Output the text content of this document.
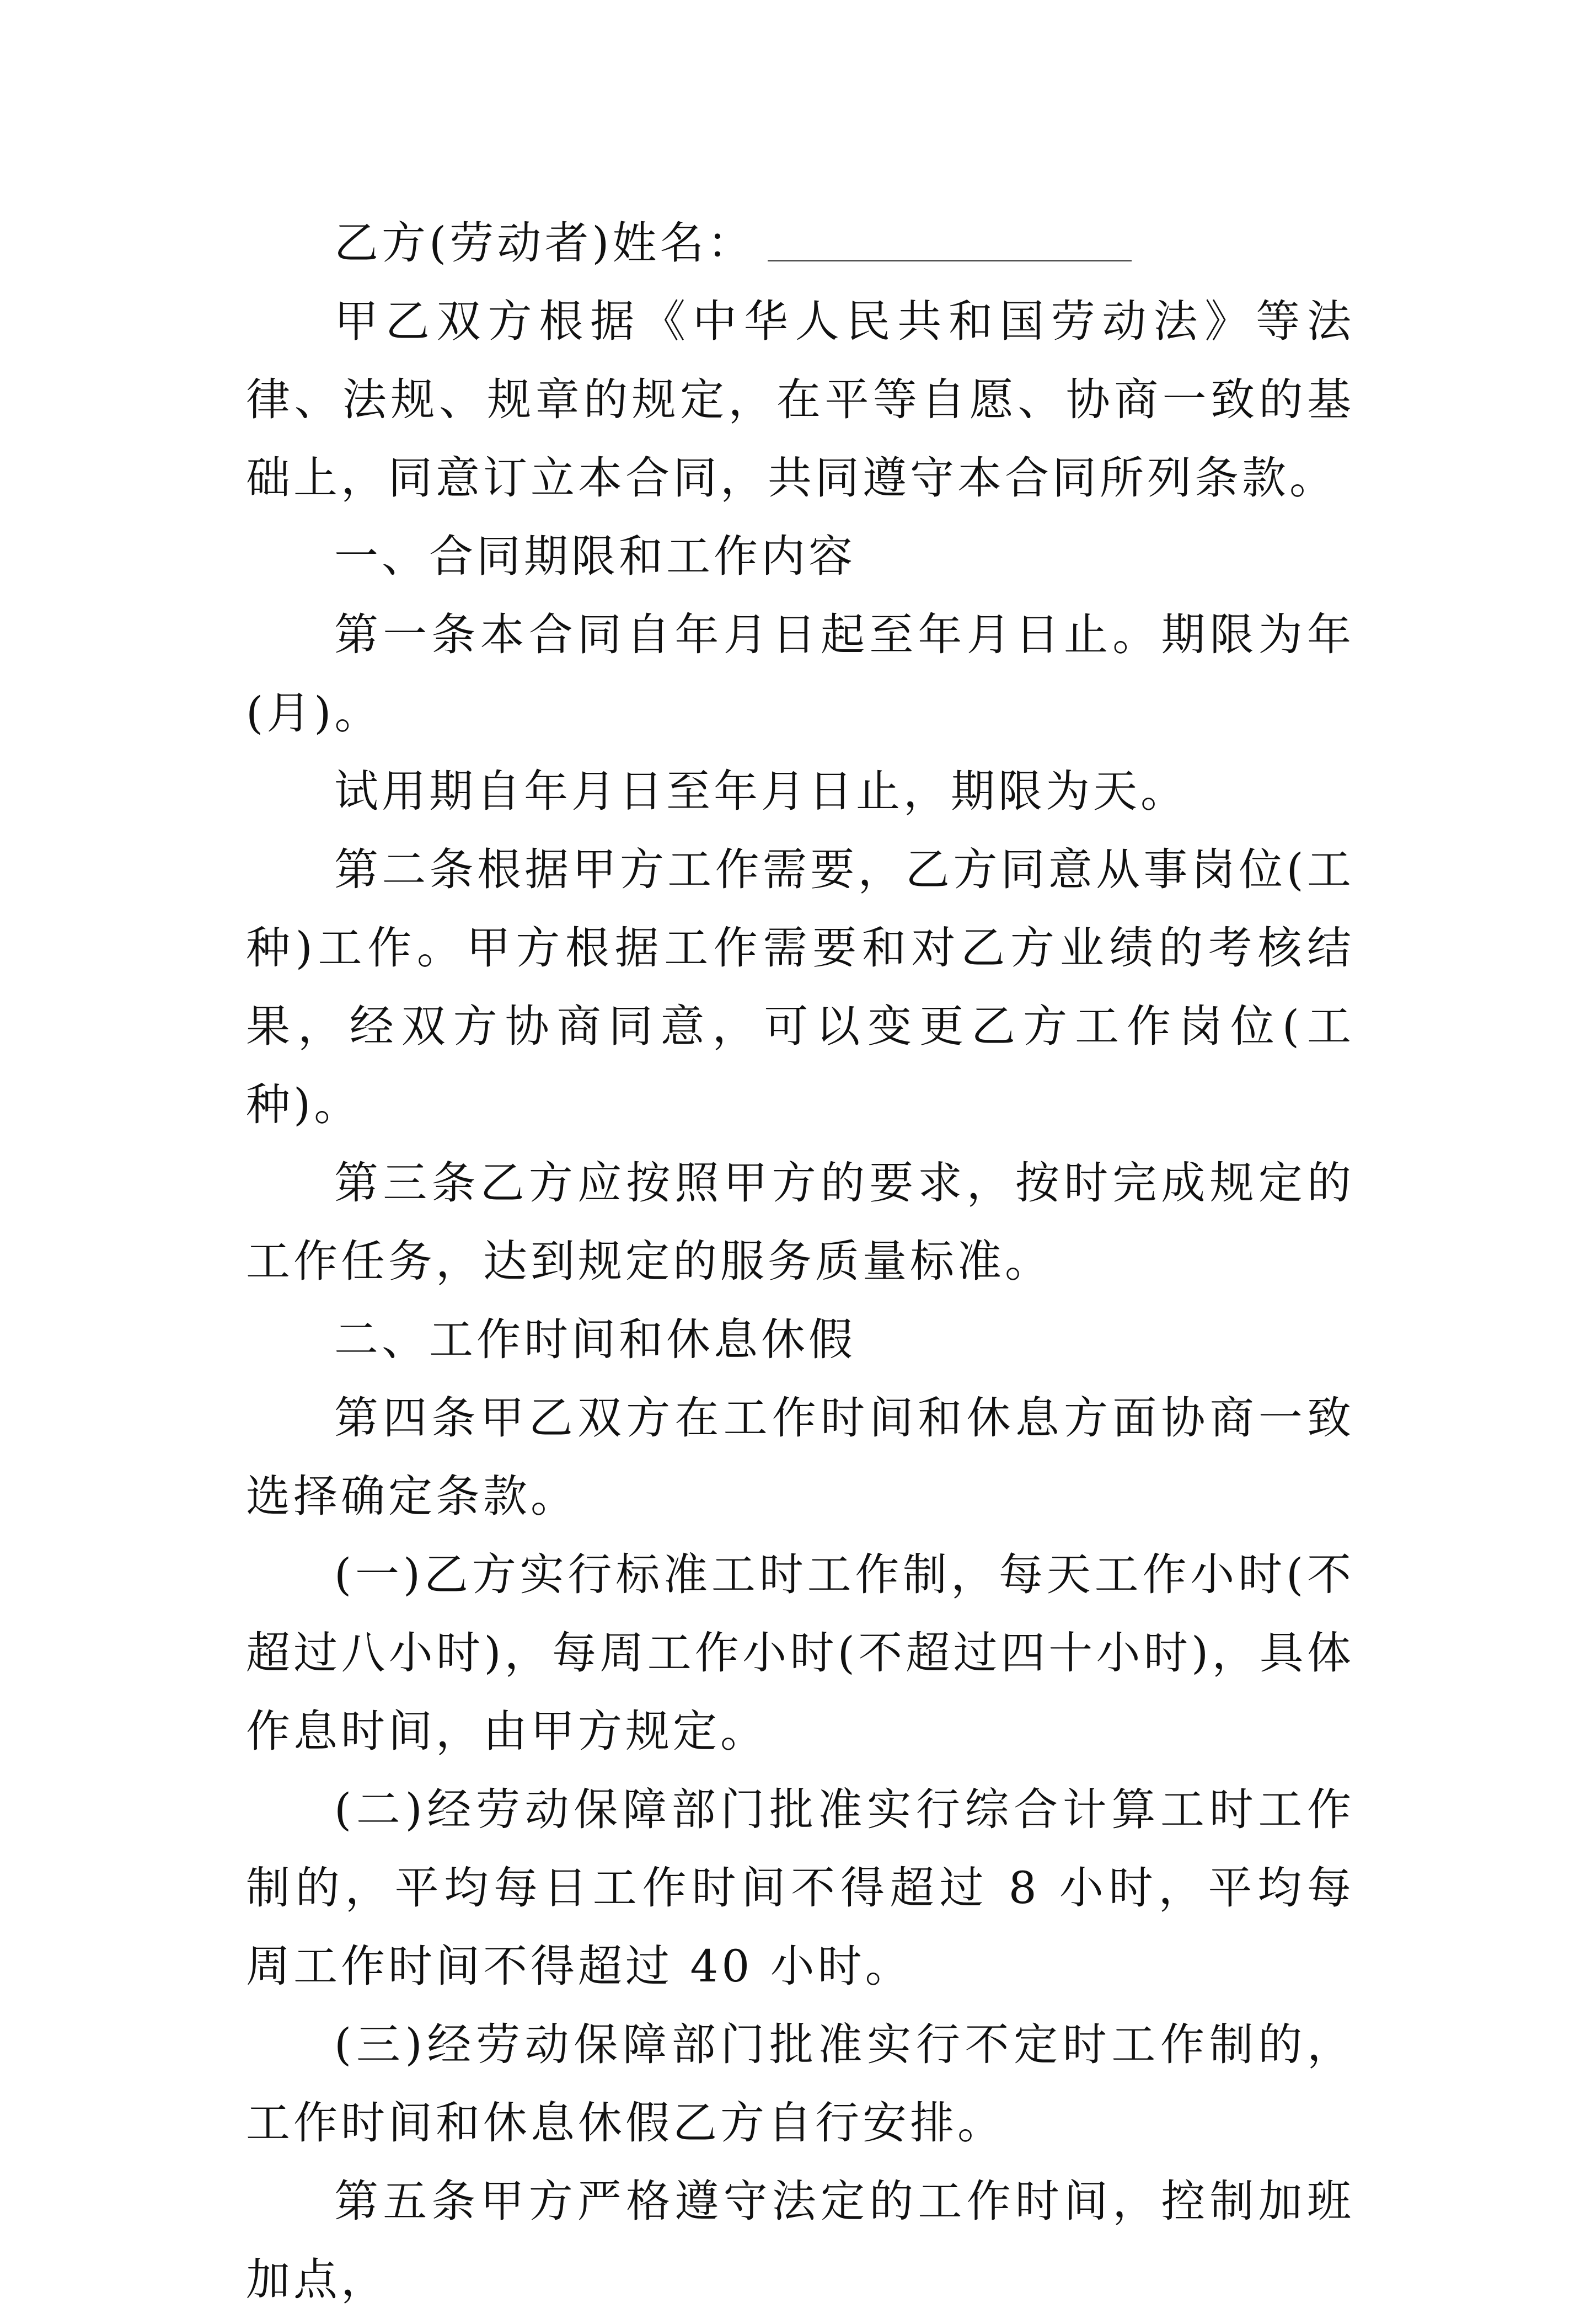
乙方(劳动者)姓名：

甲乙双方根据《中华人民共和国劳动法》等法律、法规、规章的规定，在平等自愿、协商一致的基础上，同意订立本合同，共同遵守本合同所列条款。

一、合同期限和工作内容

第一条本合同自年月日起至年月日止。期限为年(月)。

试用期自年月日至年月日止，期限为天。

第二条根据甲方工作需要，乙方同意从事岗位(工种)工作。甲方根据工作需要和对乙方业绩的考核结果，经双方协商同意，可以变更乙方工作岗位(工种)。

第三条乙方应按照甲方的要求，按时完成规定的工作任务，达到规定的服务质量标准。

二、工作时间和休息休假

第四条甲乙双方在工作时间和休息方面协商一致选择确定条款。

(一)乙方实行标准工时工作制，每天工作小时(不超过八小时)，每周工作小时(不超过四十小时)，具体作息时间，由甲方规定。

(二)经劳动保障部门批准实行综合计算工时工作制的，平均每日工作时间不得超过 8 小时，平均每周工作时间不得超过 40 小时。

(三)经劳动保障部门批准实行不定时工作制的，工作时间和休息休假乙方自行安排。

第五条甲方严格遵守法定的工作时间，控制加班加点，
